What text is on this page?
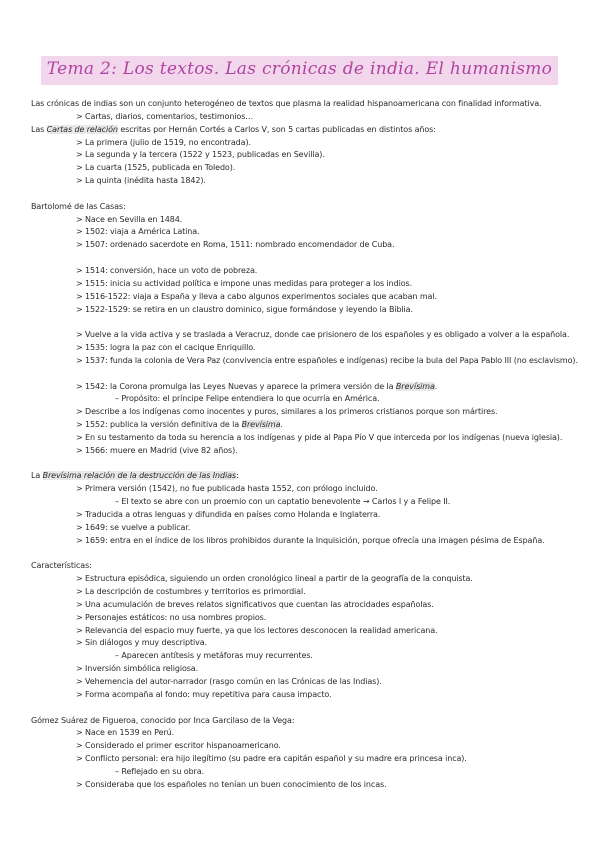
Tema 2: Los textos. Las crónicas de india. El humanismo
Las crónicas de indias son un conjunto heterogéneo de textos que plasma la realidad hispanoamericana con finalidad informativa.
> Cartas, diarios, comentarios, testimonios…
Las Cartas de relación escritas por Hernán Cortés a Carlos V, son 5 cartas publicadas en distintos años:
> La primera (julio de 1519, no encontrada).
> La segunda y la tercera (1522 y 1523, publicadas en Sevilla).
> La cuarta (1525, publicada en Toledo).
> La quinta (inédita hasta 1842).
Bartolomé de las Casas:
> Nace en Sevilla en 1484.
> 1502: viaja a América Latina.
> 1507: ordenado sacerdote en Roma, 1511: nombrado encomendador de Cuba.
> 1514: conversión, hace un voto de pobreza.
> 1515: inicia su actividad política e impone unas medidas para proteger a los indios.
> 1516-1522: viaja a España y lleva a cabo algunos experimentos sociales que acaban mal.
> 1522-1529: se retira en un claustro dominico, sigue formándose y leyendo la Biblia.
> Vuelve a la vida activa y se traslada a Veracruz, donde cae prisionero de los españoles y es obligado a volver a la española.
> 1535: logra la paz con el cacique Enriquillo.
> 1537: funda la colonia de Vera Paz (convivencia entre españoles e indígenas) recibe la bula del Papa Pablo III (no esclavismo).
> 1542: la Corona promulga las Leyes Nuevas y aparece la primera versión de la Brevísima.
– Propósito: el príncipe Felipe entendiera lo que ocurría en América.
> Describe a los indígenas como inocentes y puros, similares a los primeros cristianos porque son mártires.
> 1552: publica la versión definitiva de la Brevísima.
> En su testamento da toda su herencia a los indígenas y pide al Papa Pío V que interceda por los indígenas (nueva iglesia).
> 1566: muere en Madrid (vive 82 años).
La Brevísima relación de la destrucción de las Indias:
> Primera versión (1542), no fue publicada hasta 1552, con prólogo incluido.
– El texto se abre con un proemio con un captatio benevolente → Carlos I y a Felipe II.
> Traducida a otras lenguas y difundida en países como Holanda e Inglaterra.
> 1649: se vuelve a publicar.
> 1659: entra en el índice de los libros prohibidos durante la Inquisición, porque ofrecía una imagen pésima de España.
Características:
> Estructura episódica, siguiendo un orden cronológico lineal a partir de la geografía de la conquista.
> La descripción de costumbres y territorios es primordial.
> Una acumulación de breves relatos significativos que cuentan las atrocidades españolas.
> Personajes estáticos: no usa nombres propios.
> Relevancia del espacio muy fuerte, ya que los lectores desconocen la realidad americana.
> Sin diálogos y muy descriptiva.
– Aparecen antítesis y metáforas muy recurrentes.
> Inversión simbólica religiosa.
> Vehemencia del autor-narrador (rasgo común en las Crónicas de las Indias).
> Forma acompaña al fondo: muy repetitiva para causa impacto.
Gómez Suárez de Figueroa, conocido por Inca Garcilaso de la Vega:
> Nace en 1539 en Perú.
> Considerado el primer escritor hispanoamericano.
> Conflicto personal: era hijo ilegítimo (su padre era capitán español y su madre era princesa inca).
– Reflejado en su obra.
> Consideraba que los españoles no tenían un buen conocimiento de los incas.
